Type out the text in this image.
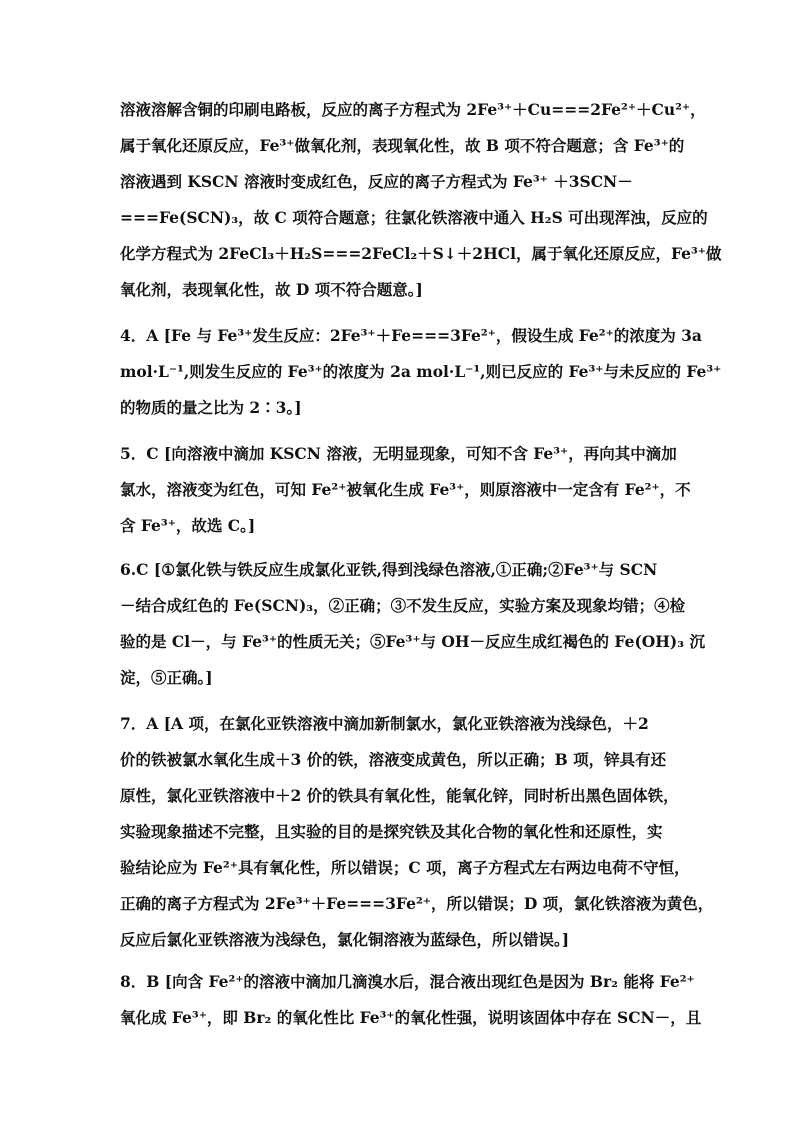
溶液溶解含铜的印刷电路板，反应的离子方程式为 2Fe³⁺＋Cu===2Fe²⁺＋Cu²⁺，
属于氧化还原反应，Fe³⁺做氧化剂，表现氧化性，故 B 项不符合题意；含 Fe³⁺的
溶液遇到 KSCN 溶液时变成红色，反应的离子方程式为 Fe³⁺ ＋3SCN－
===Fe(SCN)₃，故 C 项符合题意；往氯化铁溶液中通入 H₂S 可出现浑浊，反应的
化学方程式为 2FeCl₃＋H₂S===2FeCl₂＋S↓＋2HCl，属于氧化还原反应，Fe³⁺做
氧化剂，表现氧化性，故 D 项不符合题意。]
4．A [Fe 与 Fe³⁺发生反应：2Fe³⁺＋Fe===3Fe²⁺，假设生成 Fe²⁺的浓度为 3a
mol·L⁻¹,则发生反应的 Fe³⁺的浓度为 2a mol·L⁻¹,则已反应的 Fe³⁺与未反应的 Fe³⁺
的物质的量之比为 2∶3。]
5．C [向溶液中滴加 KSCN 溶液，无明显现象，可知不含 Fe³⁺，再向其中滴加
氯水，溶液变为红色，可知 Fe²⁺被氧化生成 Fe³⁺，则原溶液中一定含有 Fe²⁺，不
含 Fe³⁺，故选 C。]
6.C [①氯化铁与铁反应生成氯化亚铁,得到浅绿色溶液,①正确;②Fe³⁺与 SCN
－结合成红色的 Fe(SCN)₃，②正确；③不发生反应，实验方案及现象均错；④检
验的是 Cl－，与 Fe³⁺的性质无关；⑤Fe³⁺与 OH－反应生成红褐色的 Fe(OH)₃ 沉
淀，⑤正确。]
7．A [A 项，在氯化亚铁溶液中滴加新制氯水，氯化亚铁溶液为浅绿色，＋2
价的铁被氯水氧化生成＋3 价的铁，溶液变成黄色，所以正确；B 项，锌具有还
原性，氯化亚铁溶液中＋2 价的铁具有氧化性，能氧化锌，同时析出黑色固体铁，
实验现象描述不完整，且实验的目的是探究铁及其化合物的氧化性和还原性，实
验结论应为 Fe²⁺具有氧化性，所以错误；C 项，离子方程式左右两边电荷不守恒，
正确的离子方程式为 2Fe³⁺＋Fe===3Fe²⁺，所以错误；D 项，氯化铁溶液为黄色，
反应后氯化亚铁溶液为浅绿色，氯化铜溶液为蓝绿色，所以错误。]
8．B [向含 Fe²⁺的溶液中滴加几滴溴水后，混合液出现红色是因为 Br₂ 能将 Fe²⁺
氧化成 Fe³⁺，即 Br₂ 的氧化性比 Fe³⁺的氧化性强，说明该固体中存在 SCN－，且
